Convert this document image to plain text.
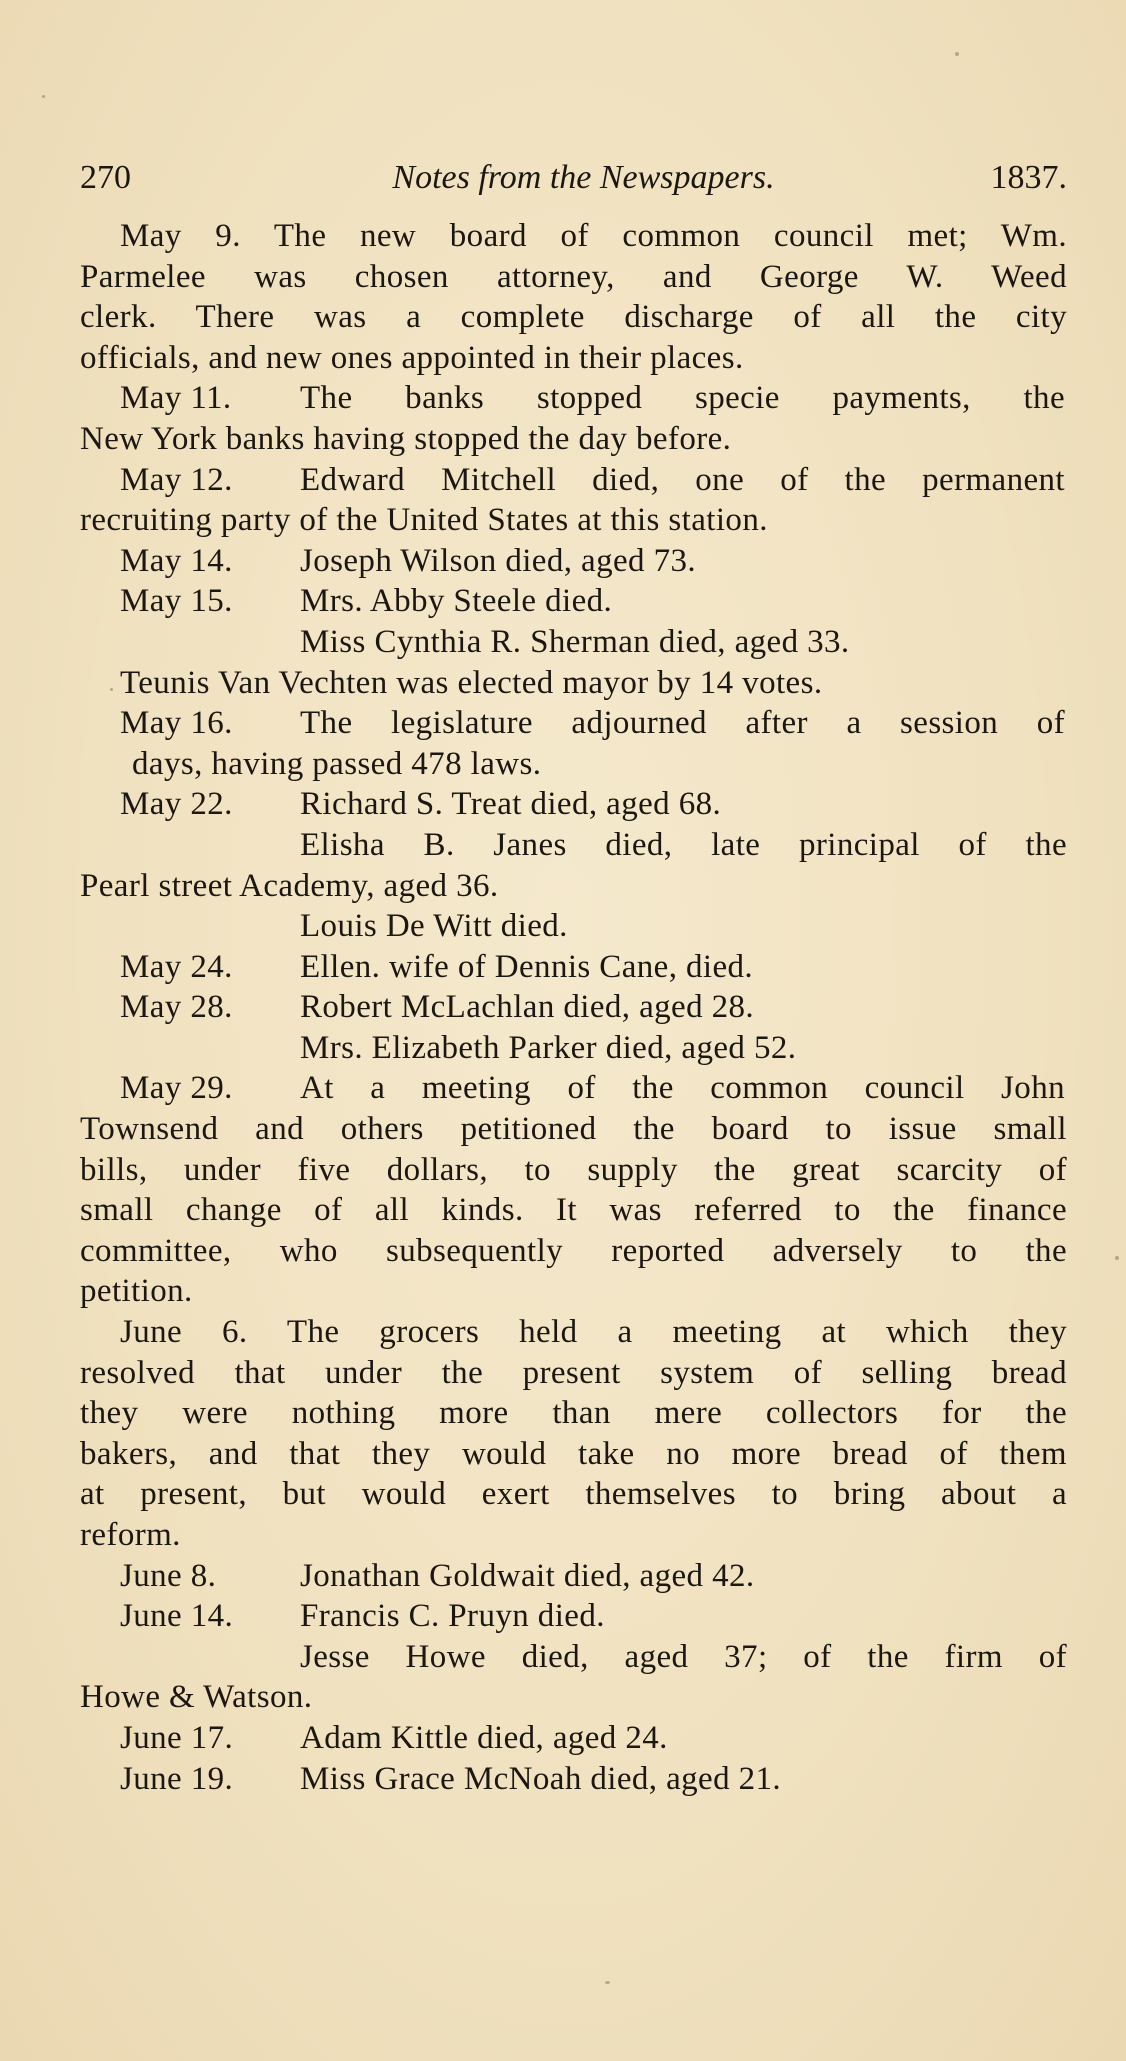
270	Notes from the Newspapers.	1837.
May 9. The new board of common council met; Wm.
Parmelee was chosen attorney, and George W. Weed
clerk. There was a complete discharge of all the city
officials, and new ones appointed in their places.
May 11. The banks stopped specie payments, the
New York banks having stopped the day before.
May 12. Edward Mitchell died, one of the permanent
recruiting party of the United States at this station.
May 14. Joseph Wilson died, aged 73.
May 15. Mrs. Abby Steele died.
Miss Cynthia R. Sherman died, aged 33.
Teunis Van Vechten was elected mayor by 14 votes.
May 16. The legislature adjourned after a session of
days, having passed 478 laws.
May 22. Richard S. Treat died, aged 68.
Elisha B. Janes died, late principal of the
Pearl street Academy, aged 36.
Louis De Witt died.
May 24. Ellen. wife of Dennis Cane, died.
May 28. Robert McLachlan died, aged 28.
Mrs. Elizabeth Parker died, aged 52.
May 29. At a meeting of the common council John
Townsend and others petitioned the board to issue small
bills, under five dollars, to supply the great scarcity of
small change of all kinds. It was referred to the finance
committee, who subsequently reported adversely to the
petition.
June 6. The grocers held a meeting at which they
resolved that under the present system of selling bread
they were nothing more than mere collectors for the
bakers, and that they would take no more bread of them
at present, but would exert themselves to bring about a
reform.
June 8.	Jonathan Goldwait died, aged 42.
June 14. Francis C. Pruyn died.
Jesse Howe died, aged 37; of the firm of
Howe & Watson.
June 17. Adam Kittle died, aged 24.
June 19. Miss Grace McNoah died, aged 21.
